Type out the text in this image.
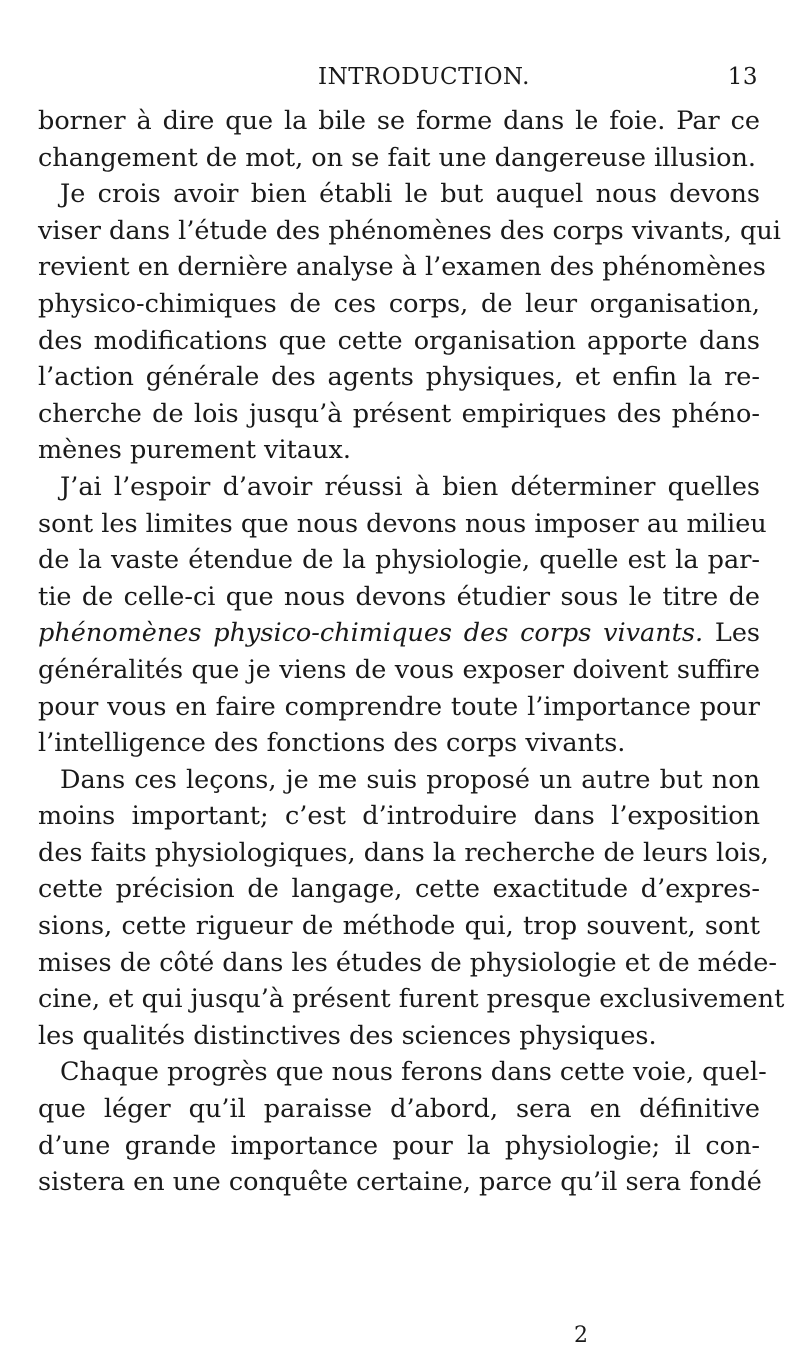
INTRODUCTION.	13
borner à dire que la bile se forme dans le foie. Par ce
changement de mot, on se fait une dangereuse illusion.
Je crois avoir bien établi le but auquel nous devons
viser dans l’étude des phénomènes des corps vivants, qui
revient en dernière analyse à l’examen des phénomènes
physico-chimiques de ces corps, de leur organisation,
des modifications que cette organisation apporte dans
l’action générale des agents physiques, et enfin la re-
cherche de lois jusqu’à présent empiriques des phéno-
mènes purement vitaux.
J’ai l’espoir d’avoir réussi à bien déterminer quelles
sont les limites que nous devons nous imposer au milieu
de la vaste étendue de la physiologie, quelle est la par-
tie de celle-ci que nous devons étudier sous le titre de
phénomènes physico-chimiques des corps vivants. Les
généralités que je viens de vous exposer doivent suffire
pour vous en faire comprendre toute l’importance pour
l’intelligence des fonctions des corps vivants.
Dans ces leçons, je me suis proposé un autre but non
moins important; c’est d’introduire dans l’exposition
des faits physiologiques, dans la recherche de leurs lois,
cette précision de langage, cette exactitude d’expres-
sions, cette rigueur de méthode qui, trop souvent, sont
mises de côté dans les études de physiologie et de méde-
cine, et qui jusqu’à présent furent presque exclusivement
les qualités distinctives des sciences physiques.
Chaque progrès que nous ferons dans cette voie, quel-
que léger qu’il paraisse d’abord, sera en définitive
d’une grande importance pour la physiologie; il con-
sistera en une conquête certaine, parce qu’il sera fondé
2
